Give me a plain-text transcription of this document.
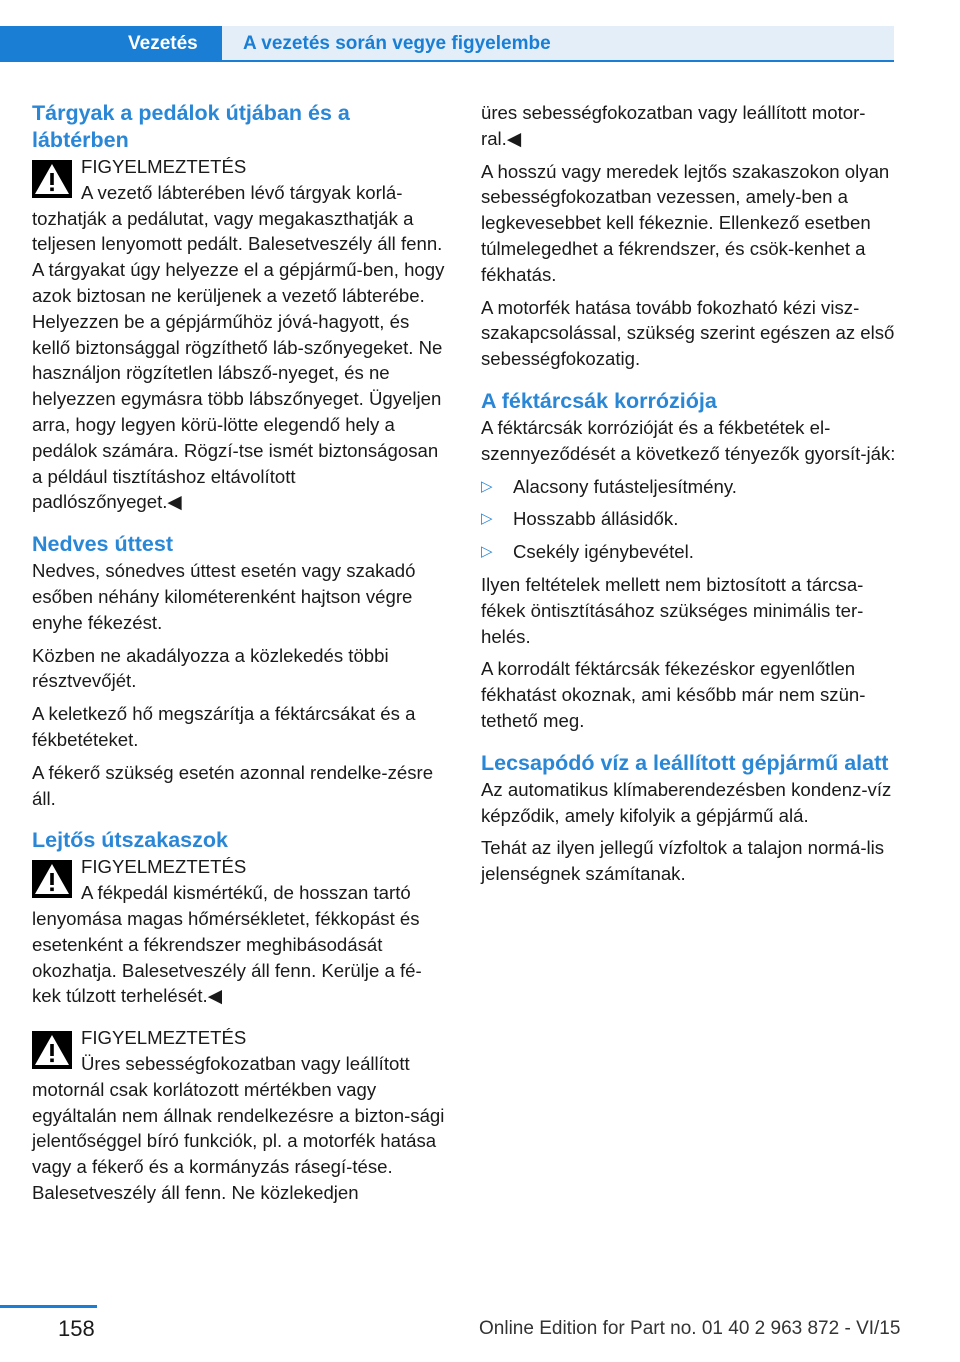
Vezetés	A vezetés során vegye figyelembe
Tárgyak a pedálok útjában és a lábtérben
FIGYELMEZTETÉS
A vezető lábterében lévő tárgyak korlá‐
tozhatják a pedálutat, vagy megakaszthatják a teljesen lenyomott pedált. Balesetveszély áll fenn. A tárgyakat úgy helyezze el a gépjármű‐ben, hogy azok biztosan ne kerüljenek a vezető lábterébe. Helyezzen be a gépjárműhöz jóvá‐hagyott, és kellő biztonsággal rögzíthető láb‐szőnyegeket. Ne használjon rögzítetlen lábsző‐nyeget, és ne helyezzen egymásra több lábszőnyeget. Ügyeljen arra, hogy legyen körü‐lötte elegendő hely a pedálok számára. Rögzí‐tse ismét biztonságosan a például tisztításhoz eltávolított padlószőnyeget.◀
Nedves úttest

Nedves, sónedves úttest esetén vagy szakadó esőben néhány kilométerenként hajtson végre enyhe fékezést.

Közben ne akadályozza a közlekedés többi résztvevőjét.

A keletkező hő megszárítja a féktárcsákat és a fékbetéteket.

A fékerő szükség esetén azonnal rendelke‐zésre áll.

Lejtős útszakaszok
FIGYELMEZTETÉS
A fékpedál kismértékű, de hosszan tartó
lenyomása magas hőmérsékletet, fékkopást és esetenként a fékrendszer meghibásodását okozhatja. Balesetveszély áll fenn. Kerülje a fé‐kek túlzott terhelését.◀
FIGYELMEZTETÉS
Üres sebességfokozatban vagy leállított
motornál csak korlátozott mértékben vagy egyáltalán nem állnak rendelkezésre a bizton‐sági jelentőséggel bíró funkciók, pl. a motorfék hatása vagy a fékerő és a kormányzás rásegí‐tése. Balesetveszély áll fenn. Ne közlekedjen

üres sebességfokozatban vagy leállított motor‐ral.◀

A hosszú vagy meredek lejtős szakaszokon olyan sebességfokozatban vezessen, amely‐ben a legkevesebbet kell fékeznie. Ellenkező esetben túlmelegedhet a fékrendszer, és csök‐kenhet a fékhatás.

A motorfék hatása tovább fokozható kézi visz‐szakapcsolással, szükség szerint egészen az első sebességfokozatig.

A féktárcsák korróziója

A féktárcsák korrózióját és a fékbetétek el‐szennyeződését a következő tényezők gyorsít‐ják:

▷ Alacsony futásteljesítmény.
▷ Hosszabb állásidők.
▷ Csekély igénybevétel.

Ilyen feltételek mellett nem biztosított a tárcsa‐fékek öntisztításához szükséges minimális ter‐helés.

A korrodált féktárcsák fékezéskor egyenlőtlen fékhatást okoznak, ami később már nem szün‐tethető meg.

Lecsapódó víz a leállított gépjármű alatt

Az automatikus klímaberendezésben kondenz‐víz képződik, amely kifolyik a gépjármű alá.

Tehát az ilyen jellegű vízfoltok a talajon normá‐lis jelenségnek számítanak.

158	Online Edition for Part no. 01 40 2 963 872 - VI/15
